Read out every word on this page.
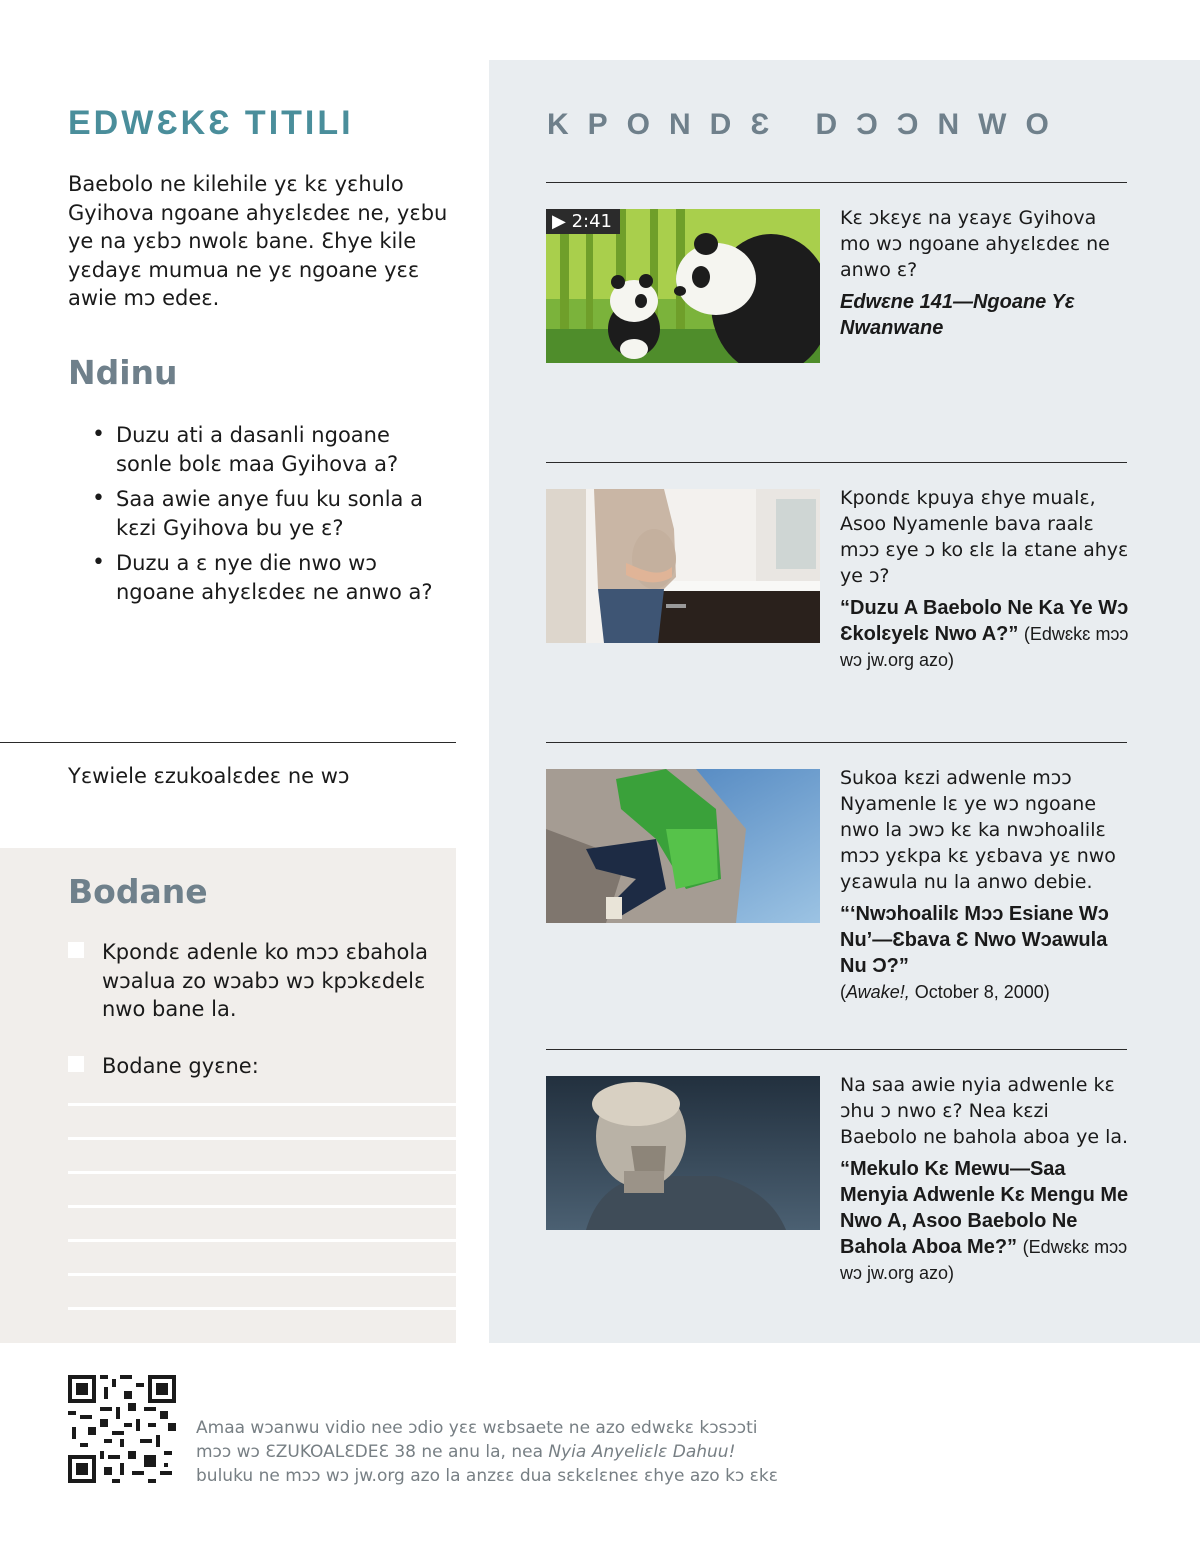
EDWƐKƐ TITILI

Baebolo ne kilehile yɛ kɛ yɛhulo Gyihova ngoane ahyɛlɛdeɛ ne, yɛbu ye na yɛbɔ nwolɛ bane. Ɛhye kile yɛdayɛ mumua ne yɛ ngoane yɛɛ awie mɔ edeɛ.

Ndinu
• Duzu ati a dasanli ngoane sonle bolɛ maa Gyihova a?
• Saa awie anye fuu ku sonla a kɛzi Gyihova bu ye ɛ?
• Duzu a ɛ nye die nwo wɔ ngoane ahyɛlɛdeɛ ne anwo a?
Yɛwiele ɛzukoalɛdeɛ ne wɔ
Bodane
Kpondɛ adenle ko mɔɔ ɛbahola wɔalua zo wɔabɔ wɔ kpɔkɛdelɛ nwo bane la.
Bodane gyɛne:
KPONDƐ DƆƆNWO
▶ 2:41	Kɛ ɔkɛyɛ na yɛayɛ Gyihova mo wɔ ngoane ahyɛlɛdeɛ ne anwo ɛ?

Edwɛne 141—Ngoane Yɛ Nwanwane

Kpondɛ kpuya ɛhye mualɛ, Asoo Nyamenle bava raalɛ mɔɔ ɛye ɔ ko ɛlɛ la ɛtane ahyɛ ye ɔ?

“Duzu A Baebolo Ne Ka Ye Wɔ Ɛkolɛyelɛ Nwo A?” (Edwɛkɛ mɔɔ wɔ jw.org azo)

Sukoa kɛzi adwenle mɔɔ Nyamenle lɛ ye wɔ ngoane nwo la ɔwɔ kɛ ka nwɔhoalilɛ mɔɔ yɛkpa kɛ yɛbava yɛ nwo yɛawula nu la anwo debie.

“‘Nwɔhoalilɛ Mɔɔ Esiane Wɔ Nu’—Ɛbava Ɛ Nwo Wɔawula Nu Ɔ?”
(Awake!, October 8, 2000)

Na saa awie nyia adwenle kɛ ɔhu ɔ nwo ɛ? Nea kɛzi Baebolo ne bahola aboa ye la.

“Mekulo Kɛ Mewu—Saa Menyia Adwenle Kɛ Mengu Me Nwo A, Asoo Baebolo Ne Bahola Aboa Me?” (Edwɛkɛ mɔɔ wɔ jw.org azo)
Amaa wɔanwu vidio nee ɔdio yɛɛ wɛbsaete ne azo edwɛkɛ kɔsɔɔti
mɔɔ wɔ ƐZUKOALƐDEƐ 38 ne anu la, nea Nyia Anyeliɛlɛ Dahuu!
buluku ne mɔɔ wɔ jw.org azo la anzɛɛ dua sɛkɛlɛneɛ ɛhye azo kɔ ɛkɛ
